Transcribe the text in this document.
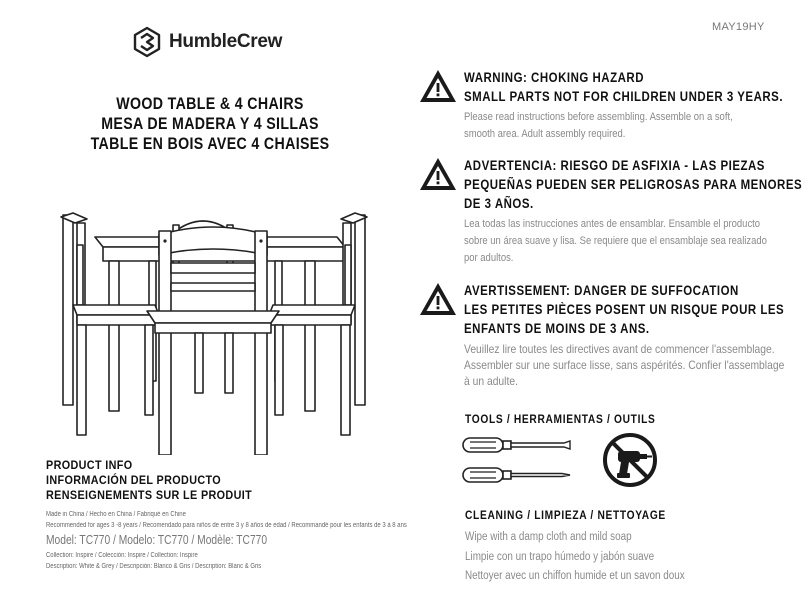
MAY19HY
HumbleCrew
WOOD TABLE & 4 CHAIRS
MESA DE MADERA Y 4 SILLAS
TABLE EN BOIS AVEC 4 CHAISES
PRODUCT INFO
INFORMACIÓN DEL PRODUCTO
RENSEIGNEMENTS SUR LE PRODUIT
Made in China / Hecho en China / Fabriqué en Chine
Recommended for ages 3 -8 years / Recomendado para niños de entre 3 y 8 años de edad / Recommandé pour les enfants de 3 à 8 ans
Model: TC770 / Modelo: TC770 / Modèle: TC770
Collection: Inspire / Colección: Inspire / Collection: Inspire
Description: White & Grey / Descripción: Blanco & Gris / Description: Blanc & Gris
WARNING: CHOKING HAZARD
SMALL PARTS NOT FOR CHILDREN UNDER 3 YEARS.
Please read instructions before assembling. Assemble on a soft,
smooth area. Adult assembly required.
ADVERTENCIA: RIESGO DE ASFIXIA - LAS PIEZAS
PEQUEÑAS PUEDEN SER PELIGROSAS PARA MENORES
DE 3 AÑOS.
Lea todas las instrucciones antes de ensamblar. Ensamble el producto
sobre un área suave y lisa. Se requiere que el ensamblaje sea realizado
por adultos.
AVERTISSEMENT: DANGER DE SUFFOCATION
LES PETITES PIÈCES POSENT UN RISQUE POUR LES
ENFANTS DE MOINS DE 3 ANS.
Veuillez lire toutes les directives avant de commencer l'assemblage.
Assembler sur une surface lisse, sans aspérités. Confier l'assemblage
à un adulte.
TOOLS / HERRAMIENTAS / OUTILS
CLEANING / LIMPIEZA / NETTOYAGE
Wipe with a damp cloth and mild soap
Limpie con un trapo húmedo y jabón suave
Nettoyer avec un chiffon humide et un savon doux
